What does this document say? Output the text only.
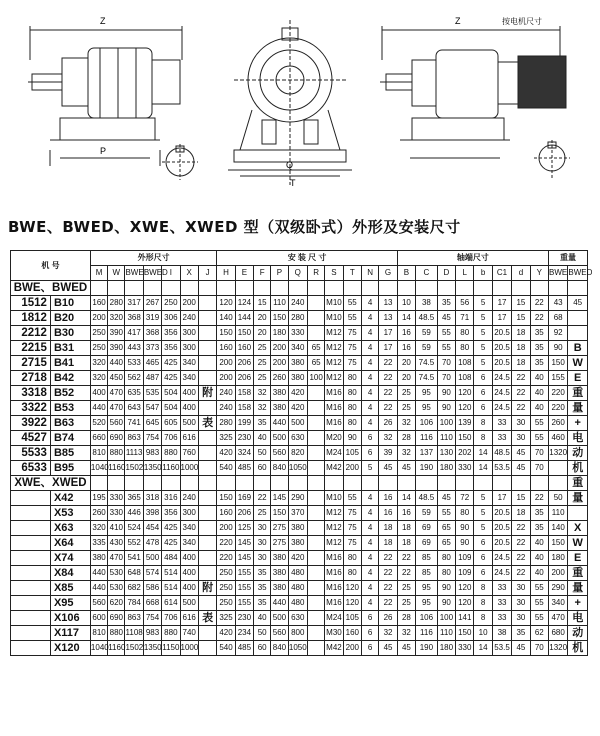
Z	Z	按电机尺寸
P
Q
T
BWE、BWED、XWE、XWED 型（双级卧式）外形及安装尺寸
机 号		外形尺寸							安 装 尺 寸										轴端尺寸								重量	
		M	W	BWE	BWED	I	X	J	H	E	F	P	Q	R	S	T	N	G	B	C	D	L	b	C1	d	Y	BWE	BWED
BWE、BWED																												
1512	B10	160	280	317	267	250	200		120	124	15	110	240		M10	55	4	13	10	38	35	56	5	17	15	22	43	45
1812	B20	200	320	368	319	306	240		140	144	20	150	280		M10	55	4	13	14	48.5	45	71	5	17	15	22	68	
2212	B30	250	390	417	368	356	300		150	150	20	180	330		M12	75	4	17	16	59	55	80	5	20.5	18	35	92	
2215	B31	250	390	443	373	356	300		160	160	25	200	340	65	M12	75	4	17	16	59	55	80	5	20.5	18	35	90	B
2715	B41	320	440	533	465	425	340		200	206	25	200	380	65	M12	75	4	22	20	74.5	70	108	5	20.5	18	35	150	W
2718	B42	320	450	562	487	425	340		200	206	25	260	380	100	M12	80	4	22	20	74.5	70	108	6	24.5	22	40	155	E
3318	B52	400	470	635	535	504	400	附	240	158	32	380	420		M16	80	4	22	25	95	90	120	6	24.5	22	40	220	重
3322	B53	440	470	643	547	504	400		240	158	32	380	420		M16	80	4	22	25	95	90	120	6	24.5	22	40	220	量
3922	B63	520	560	741	645	605	500	表	280	199	35	440	500		M16	80	4	26	32	106	100	139	8	33	30	55	260	+
4527	B74	660	690	863	754	706	616		325	230	40	500	630		M20	90	6	32	28	116	110	150	8	33	30	55	460	电
5533	B85	810	880	1113	983	880	760		420	324	50	560	820		M24	105	6	39	32	137	130	202	14	48.5	45	70	1320	动
6533	B95	1040	1160	1502	1350	1160	1000		540	485	60	840	1050		M42	200	5	45	45	190	180	330	14	53.5	45	70		机
XWE、XWED																												重
	X42	195	330	365	318	316	240		150	169	22	145	290		M10	55	4	16	14	48.5	45	72	5	17	15	22	50	量
	X53	260	330	446	398	356	300		160	206	25	150	370		M12	75	4	16	16	59	55	80	5	20.5	18	35	110	
	X63	320	410	524	454	425	340		200	125	30	275	380		M12	75	4	18	18	69	65	90	5	20.5	22	35	140	X
	X64	335	430	552	478	425	340		220	145	30	275	380		M12	75	4	18	18	69	65	90	6	20.5	22	40	150	W
	X74	380	470	541	500	484	400		220	145	30	380	420		M16	80	4	22	22	85	80	109	6	24.5	22	40	180	E
	X84	440	530	648	574	514	400		250	155	35	380	480		M16	80	4	22	22	85	80	109	6	24.5	22	40	200	重
	X85	440	530	682	586	514	400	附	250	155	35	380	480		M16	120	4	22	25	95	90	120	8	33	30	55	290	量
	X95	560	620	784	668	614	500		250	155	35	440	480		M16	120	4	22	25	95	90	120	8	33	30	55	340	+
	X106	600	690	863	754	706	616	表	325	230	40	500	630		M24	105	6	26	28	106	100	141	8	33	30	55	470	电
	X117	810	880	1108	983	880	740		420	234	50	560	800		M30	160	6	32	32	116	110	150	10	38	35	62	680	动
	X120	1040	1160	1502	1350	1150	1000		540	485	60	840	1050		M42	200	6	45	45	190	180	330	14	53.5	45	70	1320	机
